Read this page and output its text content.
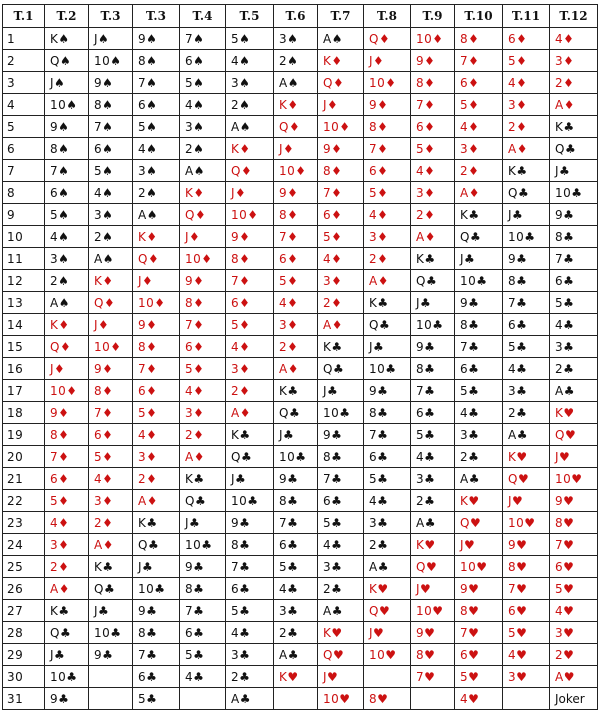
T.1	T.2	T.3	T.3	T.4	T.5	T.6	T.7	T.8	T.9	T.10	T.11	T.12
1	K♠	J♠	9♠	7♠	5♠	3♠	A♠	Q♦	10♦	8♦	6♦	4♦
2	Q♠	10♠	8♠	6♠	4♠	2♠	K♦	J♦	9♦	7♦	5♦	3♦
3	J♠	9♠	7♠	5♠	3♠	A♠	Q♦	10♦	8♦	6♦	4♦	2♦
4	10♠	8♠	6♠	4♠	2♠	K♦	J♦	9♦	7♦	5♦	3♦	A♦
5	9♠	7♠	5♠	3♠	A♠	Q♦	10♦	8♦	6♦	4♦	2♦	K♣
6	8♠	6♠	4♠	2♠	K♦	J♦	9♦	7♦	5♦	3♦	A♦	Q♣
7	7♠	5♠	3♠	A♠	Q♦	10♦	8♦	6♦	4♦	2♦	K♣	J♣
8	6♠	4♠	2♠	K♦	J♦	9♦	7♦	5♦	3♦	A♦	Q♣	10♣
9	5♠	3♠	A♠	Q♦	10♦	8♦	6♦	4♦	2♦	K♣	J♣	9♣
10	4♠	2♠	K♦	J♦	9♦	7♦	5♦	3♦	A♦	Q♣	10♣	8♣
11	3♠	A♠	Q♦	10♦	8♦	6♦	4♦	2♦	K♣	J♣	9♣	7♣
12	2♠	K♦	J♦	9♦	7♦	5♦	3♦	A♦	Q♣	10♣	8♣	6♣
13	A♠	Q♦	10♦	8♦	6♦	4♦	2♦	K♣	J♣	9♣	7♣	5♣
14	K♦	J♦	9♦	7♦	5♦	3♦	A♦	Q♣	10♣	8♣	6♣	4♣
15	Q♦	10♦	8♦	6♦	4♦	2♦	K♣	J♣	9♣	7♣	5♣	3♣
16	J♦	9♦	7♦	5♦	3♦	A♦	Q♣	10♣	8♣	6♣	4♣	2♣
17	10♦	8♦	6♦	4♦	2♦	K♣	J♣	9♣	7♣	5♣	3♣	A♣
18	9♦	7♦	5♦	3♦	A♦	Q♣	10♣	8♣	6♣	4♣	2♣	K♥
19	8♦	6♦	4♦	2♦	K♣	J♣	9♣	7♣	5♣	3♣	A♣	Q♥
20	7♦	5♦	3♦	A♦	Q♣	10♣	8♣	6♣	4♣	2♣	K♥	J♥
21	6♦	4♦	2♦	K♣	J♣	9♣	7♣	5♣	3♣	A♣	Q♥	10♥
22	5♦	3♦	A♦	Q♣	10♣	8♣	6♣	4♣	2♣	K♥	J♥	9♥
23	4♦	2♦	K♣	J♣	9♣	7♣	5♣	3♣	A♣	Q♥	10♥	8♥
24	3♦	A♦	Q♣	10♣	8♣	6♣	4♣	2♣	K♥	J♥	9♥	7♥
25	2♦	K♣	J♣	9♣	7♣	5♣	3♣	A♣	Q♥	10♥	8♥	6♥
26	A♦	Q♣	10♣	8♣	6♣	4♣	2♣	K♥	J♥	9♥	7♥	5♥
27	K♣	J♣	9♣	7♣	5♣	3♣	A♣	Q♥	10♥	8♥	6♥	4♥
28	Q♣	10♣	8♣	6♣	4♣	2♣	K♥	J♥	9♥	7♥	5♥	3♥
29	J♣	9♣	7♣	5♣	3♣	A♣	Q♥	10♥	8♥	6♥	4♥	2♥
30	10♣		6♣	4♣	2♣	K♥	J♥		7♥	5♥	3♥	A♥
31	9♣		5♣		A♣		10♥	8♥		4♥		Joker
